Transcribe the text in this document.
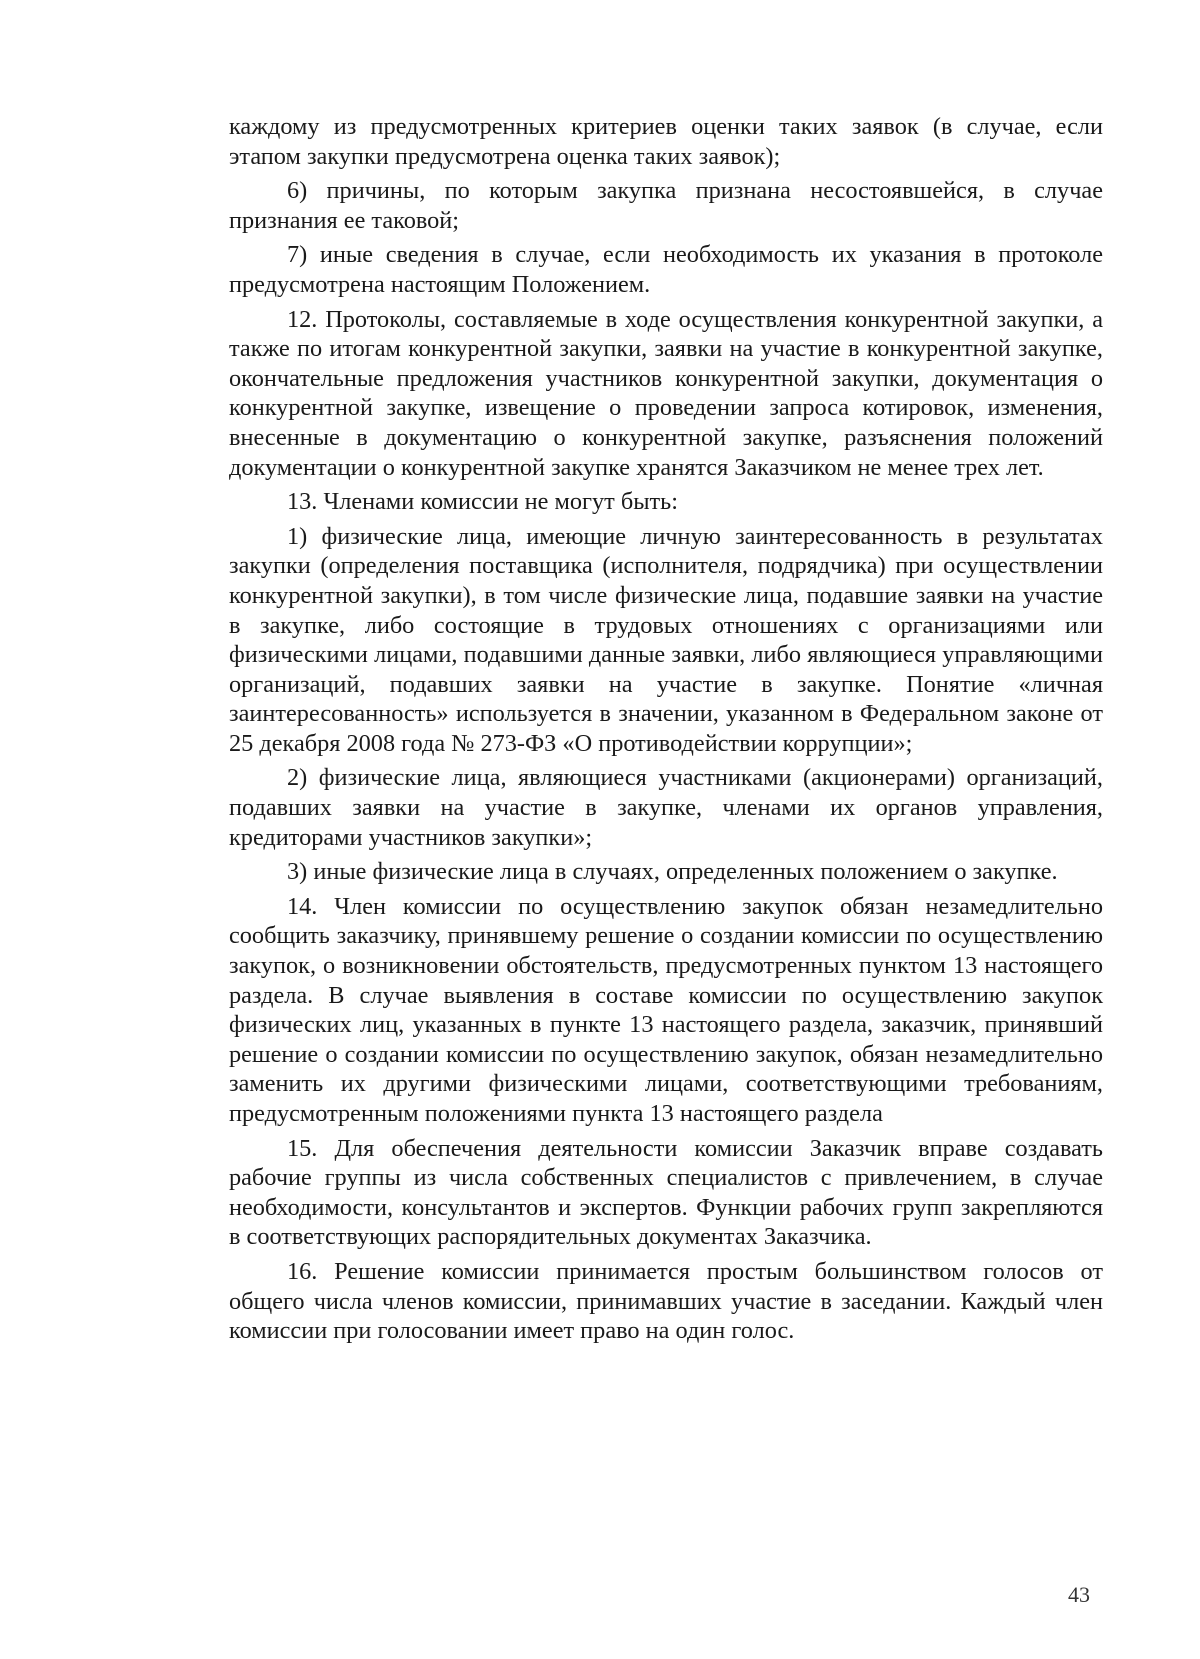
каждому из предусмотренных критериев оценки таких заявок (в случае, если этапом закупки предусмотрена оценка таких заявок);

6) причины, по которым закупка признана несостоявшейся, в случае признания ее таковой;

7) иные сведения в случае, если необходимость их указания в протоколе предусмотрена настоящим Положением.

12. Протоколы, составляемые в ходе осуществления конкурентной закупки, а также по итогам конкурентной закупки, заявки на участие в конкурентной закупке, окончательные предложения участников конкурентной закупки, документация о конкурентной закупке, извещение о проведении запроса котировок, изменения, внесенные в документацию о конкурентной закупке, разъяснения положений документации о конкурентной закупке хранятся Заказчиком не менее трех лет.

13. Членами комиссии не могут быть:

1) физические лица, имеющие личную заинтересованность в результатах закупки (определения поставщика (исполнителя, подрядчика) при осуществлении конкурентной закупки), в том числе физические лица, подавшие заявки на участие в закупке, либо состоящие в трудовых отношениях с организациями или физическими лицами, подавшими данные заявки, либо являющиеся управляющими организаций, подавших заявки на участие в закупке. Понятие «личная заинтересованность» используется в значении, указанном в Федеральном законе от 25 декабря 2008 года № 273-ФЗ «О противодействии коррупции»;

2) физические лица, являющиеся участниками (акционерами) организаций, подавших заявки на участие в закупке, членами их органов управления, кредиторами участников закупки»;

3) иные физические лица в случаях, определенных положением о закупке.

14. Член комиссии по осуществлению закупок обязан незамедлительно сообщить заказчику, принявшему решение о создании комиссии по осуществлению закупок, о возникновении обстоятельств, предусмотренных пунктом 13 настоящего раздела. В случае выявления в составе комиссии по осуществлению закупок физических лиц, указанных в пункте 13 настоящего раздела, заказчик, принявший решение о создании комиссии по осуществлению закупок, обязан незамедлительно заменить их другими физическими лицами, соответствующими требованиям, предусмотренным положениями пункта 13 настоящего раздела

15. Для обеспечения деятельности комиссии Заказчик вправе создавать рабочие группы из числа собственных специалистов с привлечением, в случае необходимости, консультантов и экспертов. Функции рабочих групп закрепляются в соответствующих распорядительных документах Заказчика.

16. Решение комиссии принимается простым большинством голосов от общего числа членов комиссии, принимавших участие в заседании. Каждый член комиссии при голосовании имеет право на один голос.

43
